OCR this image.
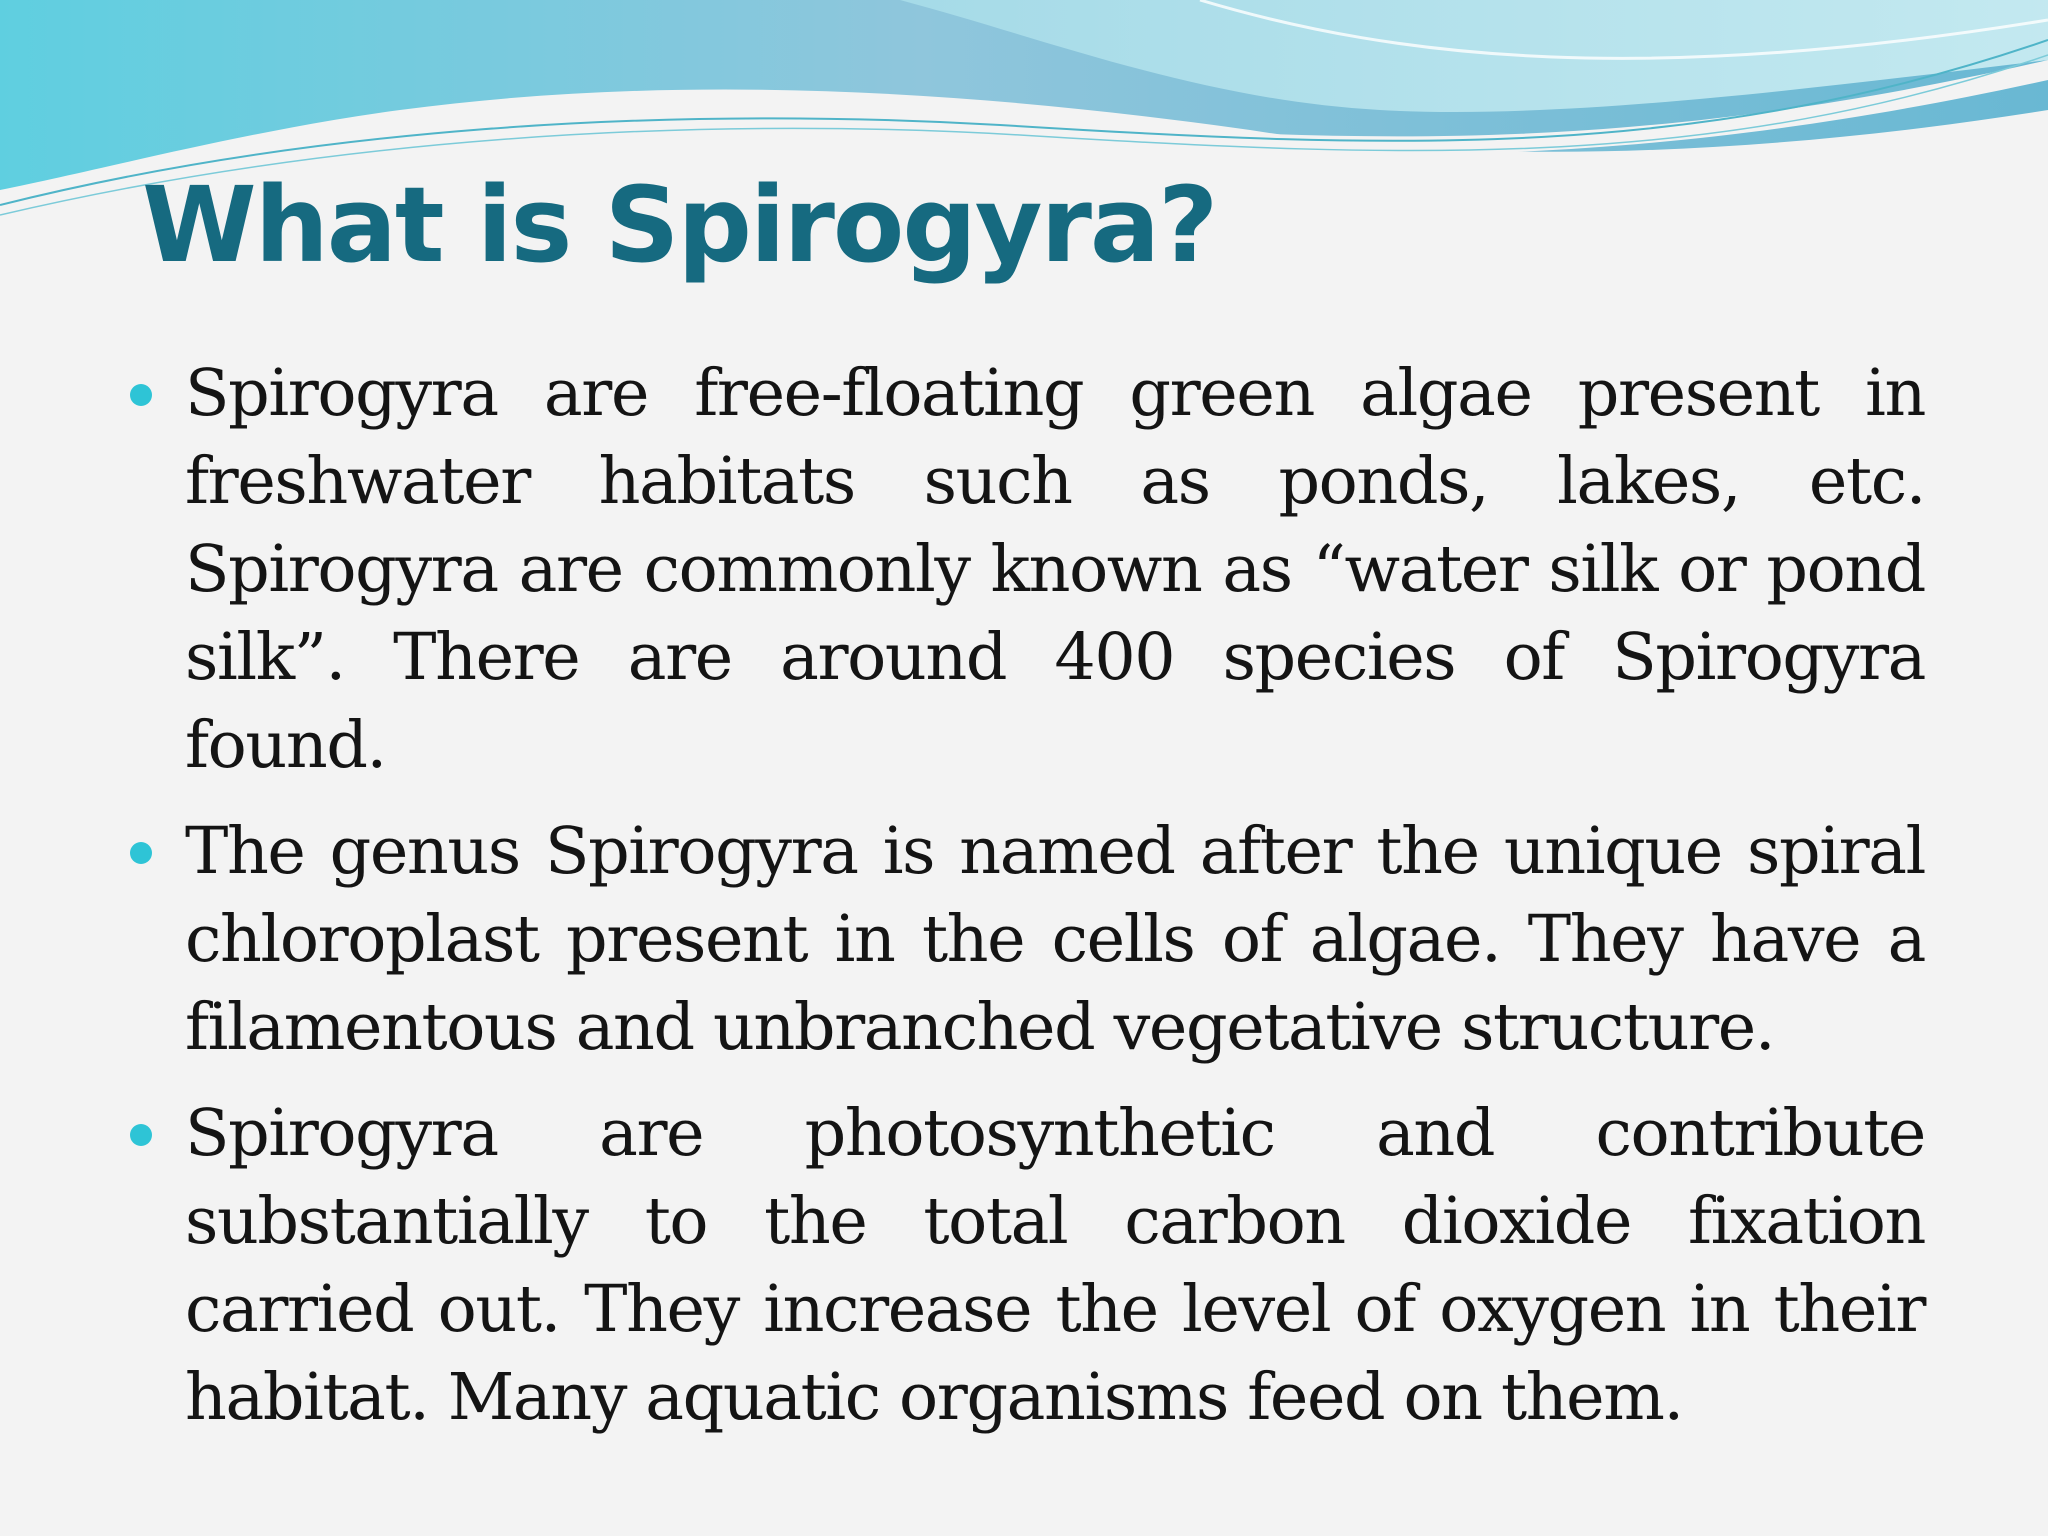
What is Spirogyra?
Spirogyra are free-floating green algae present in freshwater habitats such as ponds, lakes, etc. Spirogyra are commonly known as “water silk or pond silk”. There are around 400 species of Spirogyra found.
The genus Spirogyra is named after the unique spiral chloroplast present in the cells of algae. They have a filamentous and unbranched vegetative structure.
Spirogyra are photosynthetic and contribute substantially to the total carbon dioxide fixation carried out. They increase the level of oxygen in their habitat. Many aquatic organisms feed on them.
